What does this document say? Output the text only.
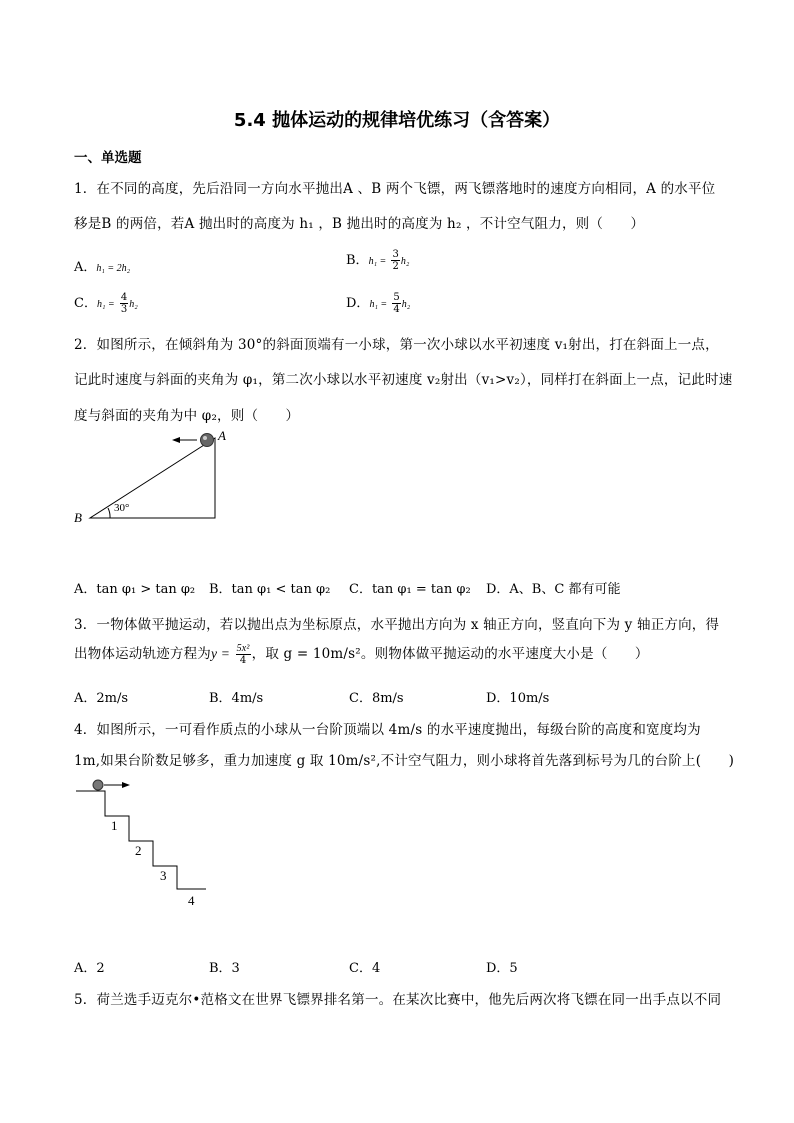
5.4 抛体运动的规律培优练习（含答案）
一、单选题
1．在不同的高度，先后沿同一方向水平抛出A 、B 两个飞镖，两飞镖落地时的速度方向相同，A 的水平位
移是B 的两倍，若A 抛出时的高度为 h₁ ，B 抛出时的高度为 h₂ ，不计空气阻力，则（　　）
A．h₁ = 2h₂
B．$h_1 = \frac{3}{2} h_2$
C．$h_1 = \frac{4}{3} h_2$	D．$h_1 = \frac{5}{4} h_2$
2．如图所示，在倾斜角为 30°的斜面顶端有一小球，第一次小球以水平初速度 v₁射出，打在斜面上一点，
记此时速度与斜面的夹角为 φ₁，第二次小球以水平初速度 v₂射出（v₁>v₂），同样打在斜面上一点，记此时速
度与斜面的夹角为中 φ₂，则（　　）
A
B
30°
A．tan φ₁ > tan φ₂ B．tan φ₁ < tan φ₂ C．tan φ₁ = tan φ₂ D．A、B、C 都有可能
3．一物体做平抛运动，若以抛出点为坐标原点，水平抛出方向为 x 轴正方向，竖直向下为 y 轴正方向，得
出物体运动轨迹方程为$y = \frac{\text{5x²}}{4}$ ，取 g = 10m/s²。则物体做平抛运动的水平速度大小是（　　）
A．2m/s	B．4m/s	C．8m/s	D．10m/s
4．如图所示，一可看作质点的小球从一台阶顶端以 4m/s 的水平速度抛出，每级台阶的高度和宽度均为
1m,如果台阶数足够多，重力加速度 g 取 10m/s²,不计空气阻力，则小球将首先落到标号为几的台阶上(　　)
1
2
3
4
A．2	B．3	C．4	D．5
5．荷兰选手迈克尔•范格文在世界飞镖界排名第一。在某次比赛中，他先后两次将飞镖在同一出手点以不同
